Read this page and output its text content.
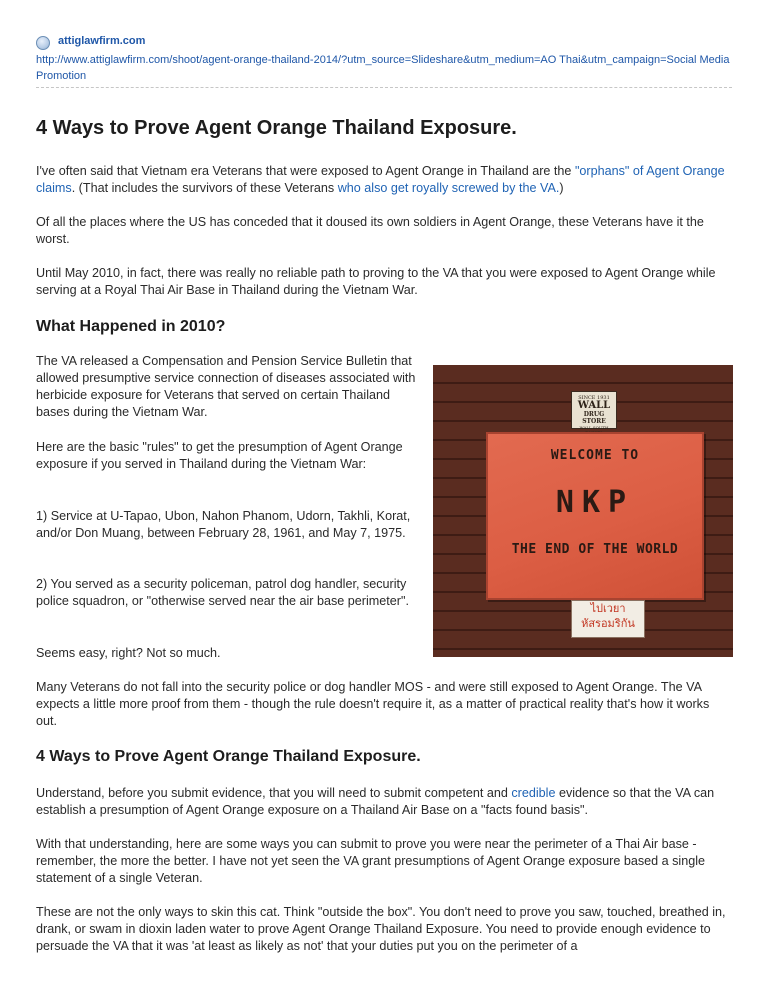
attiglawfirm.com
http://www.attiglawfirm.com/shoot/agent-orange-thailand-2014/?utm_source=Slideshare&utm_medium=AO Thai&utm_campaign=Social Media Promotion
4 Ways to Prove Agent Orange Thailand Exposure.

I've often said that Vietnam era Veterans that were exposed to Agent Orange in Thailand are the "orphans" of Agent Orange claims. (That includes the survivors of these Veterans who also get royally screwed by the VA.)

Of all the places where the US has conceded that it doused its own soldiers in Agent Orange, these Veterans have it the worst.

Until May 2010, in fact, there was really no reliable path to proving to the VA that you were exposed to Agent Orange while serving at a Royal Thai Air Base in Thailand during the Vietnam War.

What Happened in 2010?

The VA released a Compensation and Pension Service Bulletin that allowed presumptive service connection of diseases associated with herbicide exposure for Veterans that served on certain Thailand bases during the Vietnam War.

Here are the basic "rules" to get the presumption of Agent Orange exposure if you served in Thailand during the Vietnam War:

1) Service at U-Tapao, Ubon, Nahon Phanom, Udorn, Takhli, Korat, and/or Don Muang, between February 28, 1961, and May 7, 1975.

2) You served as a security policeman, patrol dog handler, security police squadron, or "otherwise served near the air base perimeter".

Seems easy, right? Not so much.

SINCE 1931
WALL
DRUG STORE
WALL SOUTH
WELCOME TO
NKP
THE END OF THE WORLD
ไปเวยา
หัสรอมริกัน

Many Veterans do not fall into the security police or dog handler MOS - and were still exposed to Agent Orange. The VA expects a little more proof from them - though the rule doesn't require it, as a matter of practical reality that's how it works out.

4 Ways to Prove Agent Orange Thailand Exposure.

Understand, before you submit evidence, that you will need to submit competent and credible evidence so that the VA can establish a presumption of Agent Orange exposure on a Thailand Air Base on a "facts found basis".

With that understanding, here are some ways you can submit to prove you were near the perimeter of a Thai Air base - remember, the more the better. I have not yet seen the VA grant presumptions of Agent Orange exposure based a single statement of a single Veteran.

These are not the only ways to skin this cat. Think "outside the box". You don't need to prove you saw, touched, breathed in, drank, or swam in dioxin laden water to prove Agent Orange Thailand Exposure. You need to provide enough evidence to persuade the VA that it was 'at least as likely as not' that your duties put you on the perimeter of a
